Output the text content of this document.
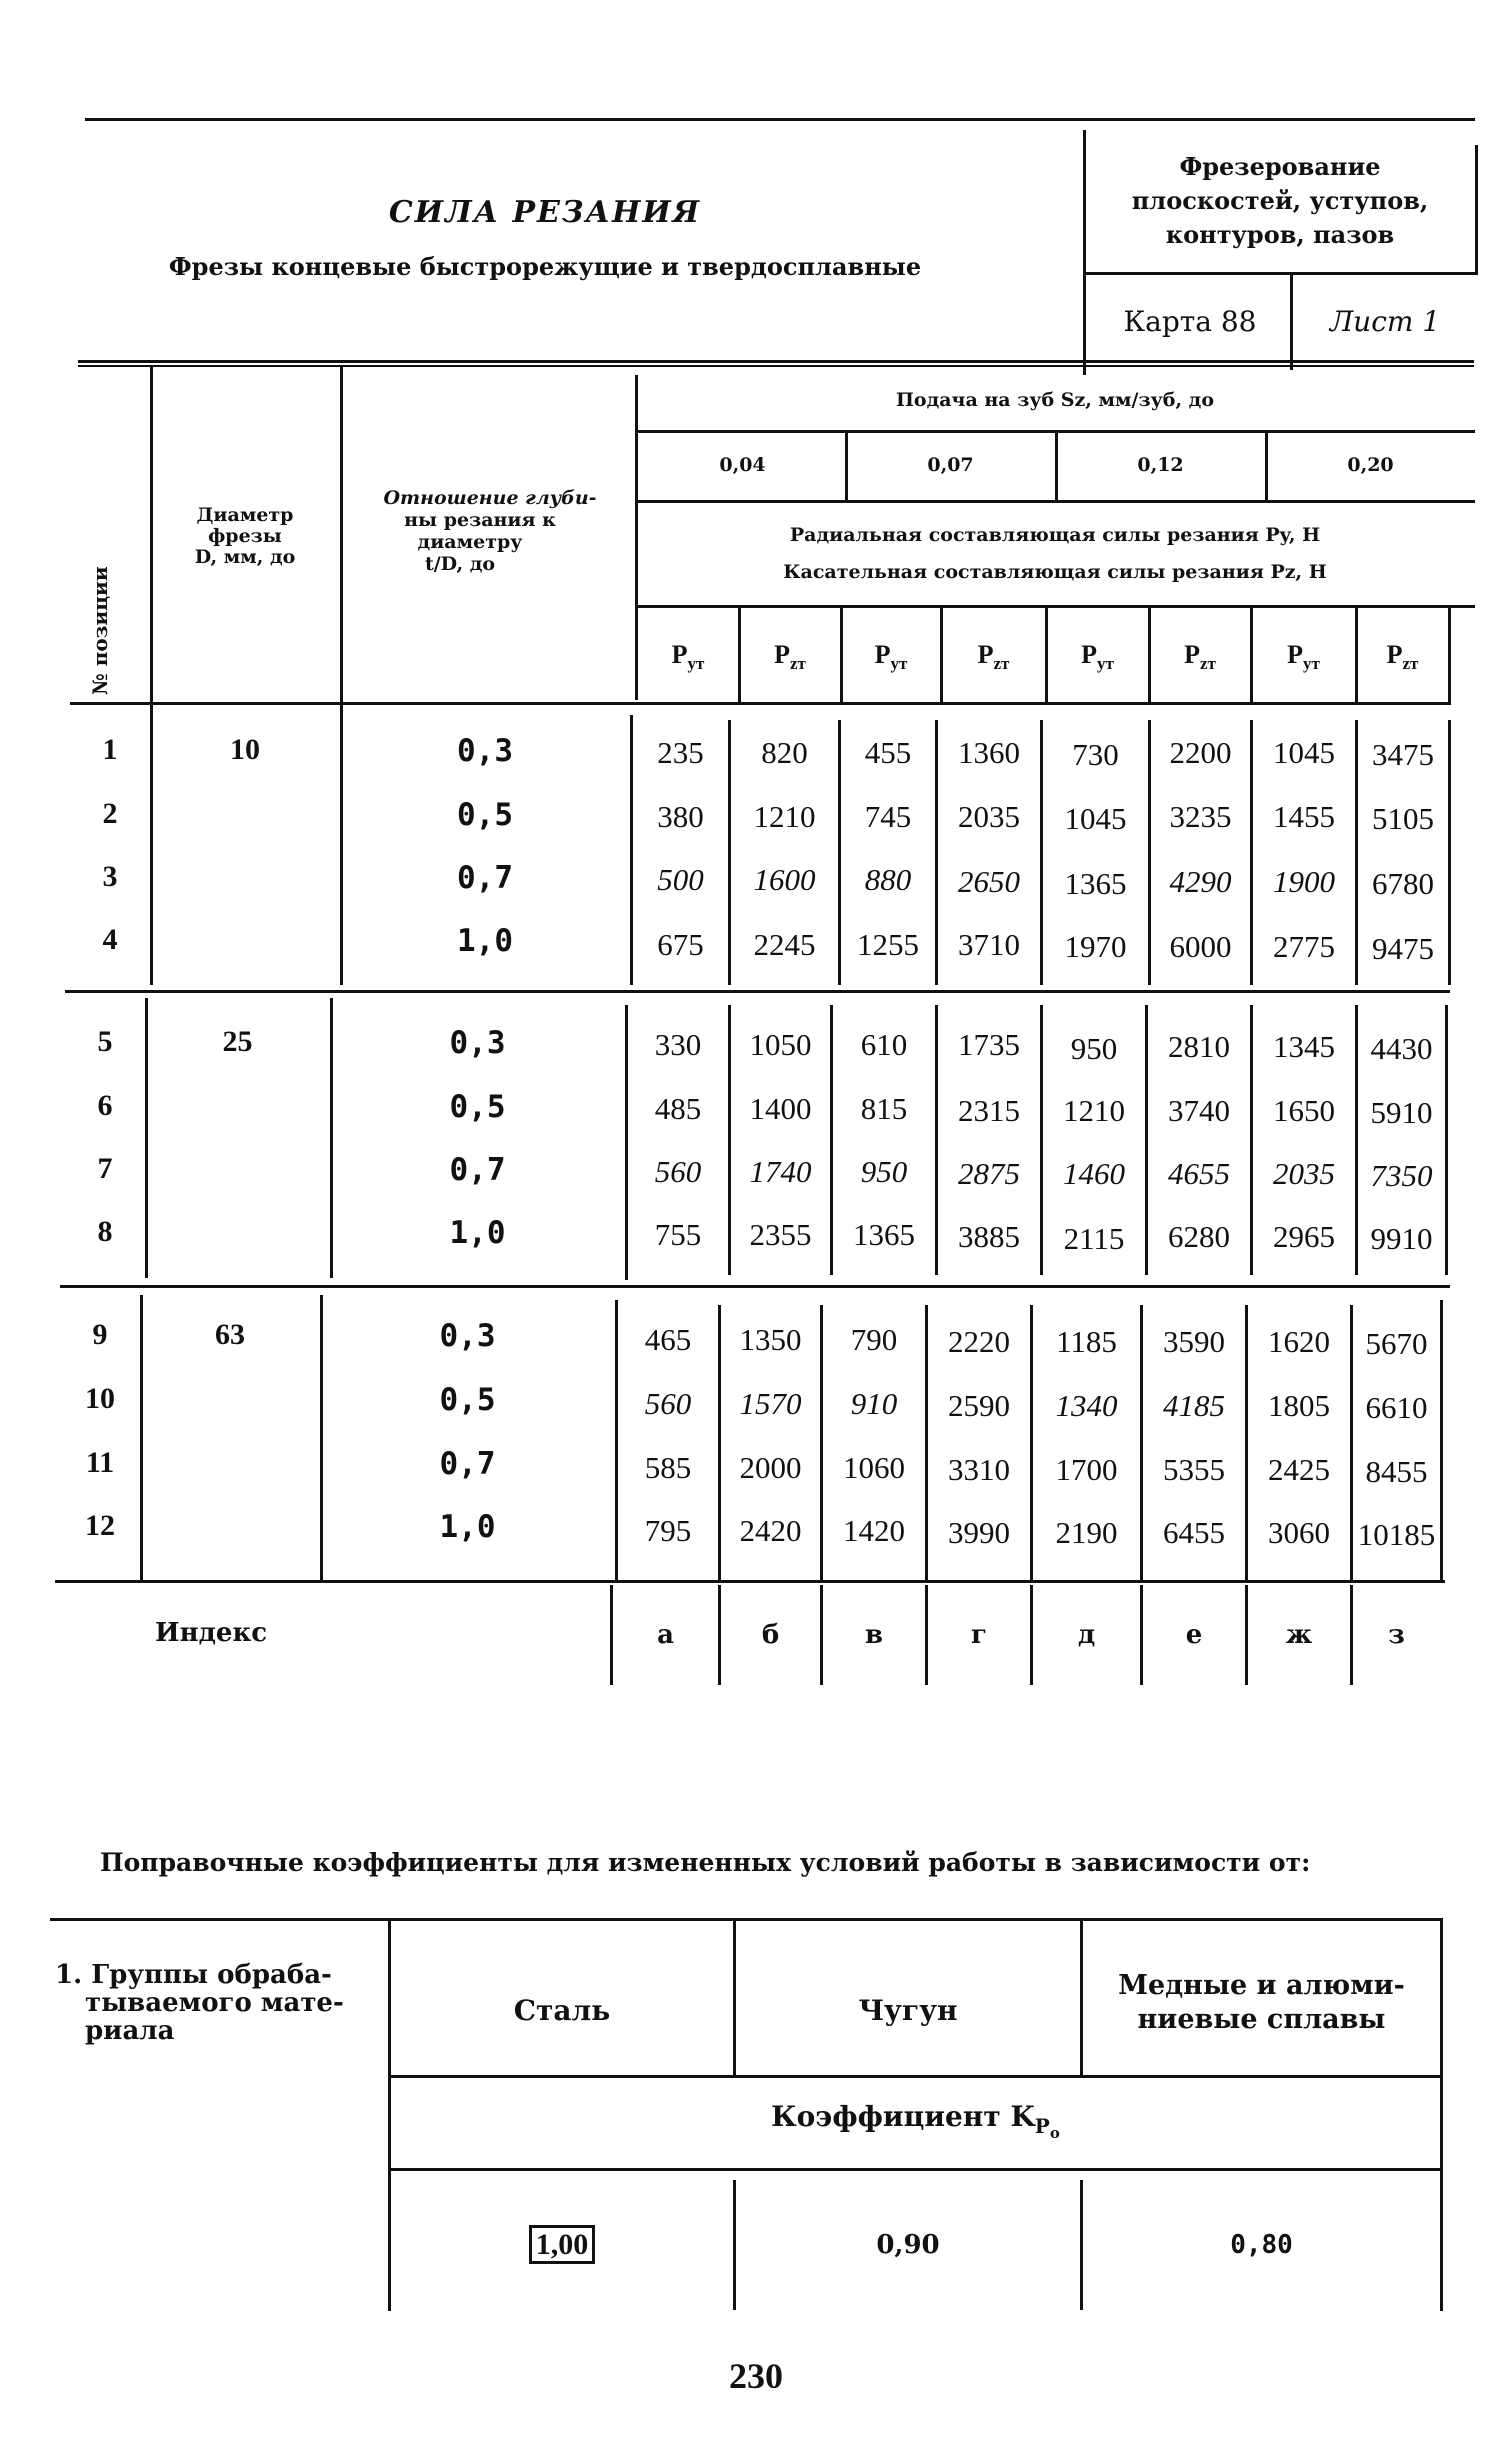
СИЛА РЕЗАНИЯ
Фрезы концевые быстрорежущие и твердосплавные
Фрезерование
плоскостей, уступов,
контуров, пазов
Карта 88	Лист 1
№ позиции
Диаметр
фрезы
D, мм, до
Отношение глуби-
ны резания к
диаметру
t/D, до
Подача на зуб Sz, мм/зуб, до
0,04	0,07	0,12	0,20
Радиальная составляющая силы резания Py, Н
Касательная составляющая силы резания Pz, Н
$P_{yт}$	$P_{zт}$	$P_{yт}$	$P_{zт}$	$P_{yт}$	$P_{zт}$	$P_{yт}$	$P_{zт}$
10
1	0,3	235	820	455	1360	730	2200	1045	3475
2	0,5	380	1210	745	2035	1045	3235	1455	5105
3	0,7	500	1600	880	2650	1365	4290	1900	6780
4	1,0	675	2245	1255	3710	1970	6000	2775	9475
25
5	0,3	330	1050	610	1735	950	2810	1345	4430
6	0,5	485	1400	815	2315	1210	3740	1650	5910
7	0,7	560	1740	950	2875	1460	4655	2035	7350
8	1,0	755	2355	1365	3885	2115	6280	2965	9910
63
9	0,3	465	1350	790	2220	1185	3590	1620	5670
10	0,5	560	1570	910	2590	1340	4185	1805	6610
11	0,7	585	2000	1060	3310	1700	5355	2425	8455
12	1,0	795	2420	1420	3990	2190	6455	3060 10185
Индекс	а	б	в	г	д	е	ж	з
Поправочные коэффициенты для измененных условий работы в зависимости от:
1. Группы обраба-
тываемого мате-
риала
Сталь	Чугун
Медные и алюми-
ниевые сплавы
Коэффициент $K_{P_o}$
1,00	0,90	0,80
230
